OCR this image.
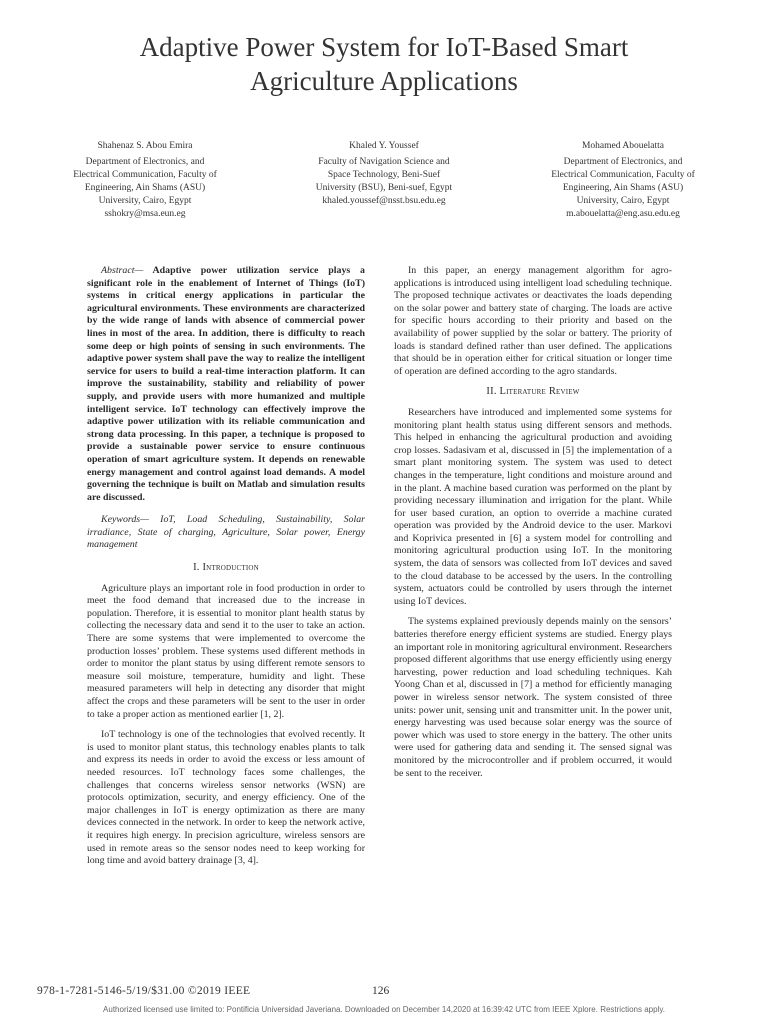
Adaptive Power System for IoT-Based Smart
Agriculture Applications
Shahenaz S. Abou Emira
Department of Electronics, and
Electrical Communication, Faculty of
Engineering, Ain Shams (ASU)
University, Cairo, Egypt
sshokry@msa.eun.eg
Khaled Y. Youssef
Faculty of Navigation Science and
Space Technology, Beni-Suef
University (BSU), Beni-suef, Egypt
khaled.youssef@nsst.bsu.edu.eg
Mohamed Abouelatta
Department of Electronics, and
Electrical Communication, Faculty of
Engineering, Ain Shams (ASU)
University, Cairo, Egypt
m.abouelatta@eng.asu.edu.eg

Abstract— Adaptive power utilization service plays a significant role in the enablement of Internet of Things (IoT) systems in critical energy applications in particular the agricultural environments. These environments are characterized by the wide range of lands with absence of commercial power lines in most of the area. In addition, there is difficulty to reach some deep or high points of sensing in such environments. The adaptive power system shall pave the way to realize the intelligent service for users to build a real-time interaction platform. It can improve the sustainability, stability and reliability of power supply, and provide users with more humanized and multiple intelligent service. IoT technology can effectively improve the adaptive power utilization with its reliable communication and strong data processing. In this paper, a technique is proposed to provide a sustainable power service to ensure continuous operation of smart agriculture system. It depends on renewable energy management and control against load demands. A model governing the technique is built on Matlab and simulation results are discussed.

Keywords— IoT, Load Scheduling, Sustainability, Solar irradiance, State of charging, Agriculture, Solar power, Energy management

I. Introduction

Agriculture plays an important role in food production in order to meet the food demand that increased due to the increase in population. Therefore, it is essential to monitor plant health status by collecting the necessary data and send it to the user to take an action. There are some systems that were implemented to overcome the production losses’ problem. These systems used different methods in order to monitor the plant status by using different remote sensors to measure soil moisture, temperature, humidity and light. These measured parameters will help in detecting any disorder that might affect the crops and these parameters will be sent to the user in order to take a proper action as mentioned earlier [1, 2].

IoT technology is one of the technologies that evolved recently. It is used to monitor plant status, this technology enables plants to talk and express its needs in order to avoid the excess or less amount of needed resources. IoT technology faces some challenges, the challenges that concerns wireless sensor networks (WSN) are protocols optimization, security, and energy efficiency. One of the major challenges in IoT is energy optimization as there are many devices connected in the network. In order to keep the network active, it requires high energy. In precision agriculture, wireless sensors are used in remote areas so the sensor nodes need to keep working for long time and avoid battery drainage [3, 4].

In this paper, an energy management algorithm for agro-applications is introduced using intelligent load scheduling technique. The proposed technique activates or deactivates the loads depending on the solar power and battery state of charging. The loads are active for specific hours according to their priority and based on the availability of power supplied by the solar or battery. The priority of loads is standard defined rather than user defined. The applications that should be in operation either for critical situation or longer time of operation are defined according to the agro standards.

II. Literature Review

Researchers have introduced and implemented some systems for monitoring plant health status using different sensors and methods. This helped in enhancing the agricultural production and avoiding crop losses. Sadasivam et al, discussed in [5] the implementation of a smart plant monitoring system. The system was used to detect changes in the temperature, light conditions and moisture around and in the plant. A machine based curation was performed on the plant by providing necessary illumination and irrigation for the plant. While for user based curation, an option to override a machine curated operation was provided by the Android device to the user. Markovi and Koprivica presented in [6] a system model for controlling and monitoring agricultural production using IoT. In the monitoring system, the data of sensors was collected from IoT devices and saved to the cloud database to be accessed by the users. In the controlling system, actuators could be controlled by users through the internet using IoT devices.

The systems explained previously depends mainly on the sensors’ batteries therefore energy efficient systems are studied. Energy plays an important role in monitoring agricultural environment. Researchers proposed different algorithms that use energy efficiently using energy harvesting, power reduction and load scheduling techniques. Kah Yoong Chan et al, discussed in [7] a method for efficiently managing power in wireless sensor network. The system consisted of three units: power unit, sensing unit and transmitter unit. In the power unit, energy harvesting was used because solar energy was the source of power which was used to store energy in the battery. The other units were used for gathering data and sending it. The sensed signal was monitored by the microcontroller and if problem occurred, it would be sent to the receiver.

978-1-7281-5146-5/19/$31.00 ©2019 IEEE	126
Authorized licensed use limited to: Pontificia Universidad Javeriana. Downloaded on December 14,2020 at 16:39:42 UTC from IEEE Xplore. Restrictions apply.
